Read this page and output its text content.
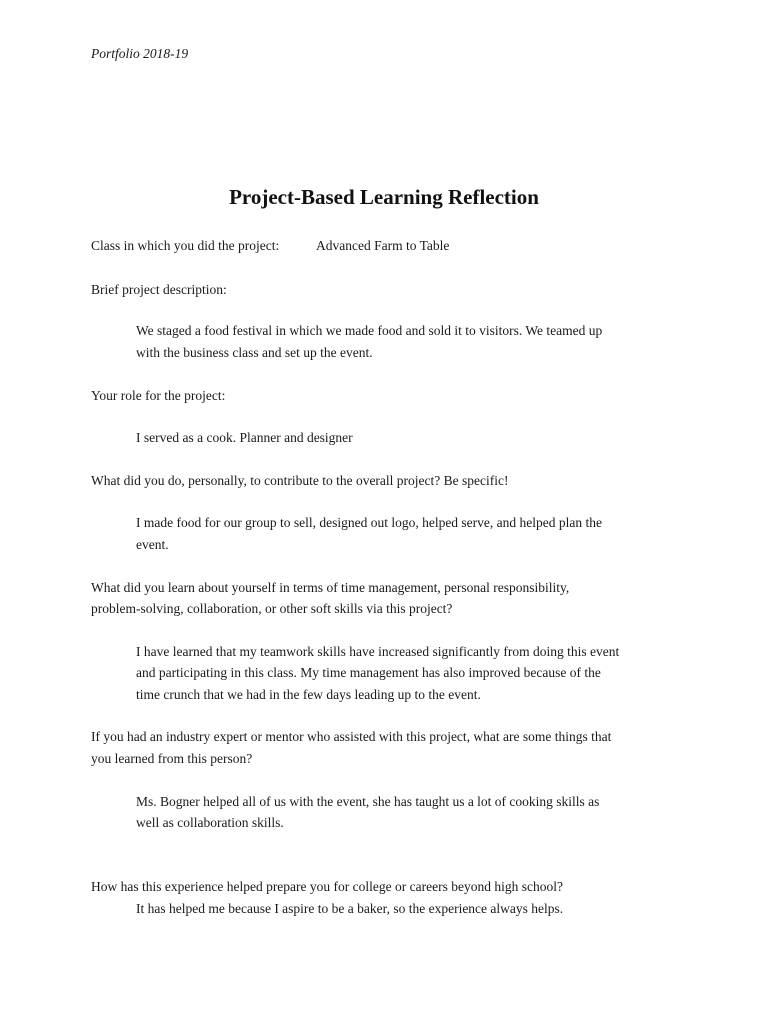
Portfolio 2018-19
Project-Based Learning Reflection
Class in which you did the project:	Advanced Farm to Table
Brief project description:
We staged a food festival in which we made food and sold it to visitors. We teamed up
with the business class and set up the event.
Your role for the project:
I served as a cook. Planner and designer
What did you do, personally, to contribute to the overall project? Be specific!
I made food for our group to sell, designed out logo, helped serve, and helped plan the
event.
What did you learn about yourself in terms of time management, personal responsibility,
problem-solving, collaboration, or other soft skills via this project?
I have learned that my teamwork skills have increased significantly from doing this event
and participating in this class. My time management has also improved because of the
time crunch that we had in the few days leading up to the event.
If you had an industry expert or mentor who assisted with this project, what are some things that
you learned from this person?
Ms. Bogner helped all of us with the event, she has taught us a lot of cooking skills as
well as collaboration skills.
How has this experience helped prepare you for college or careers beyond high school?
It has helped me because I aspire to be a baker, so the experience always helps.
